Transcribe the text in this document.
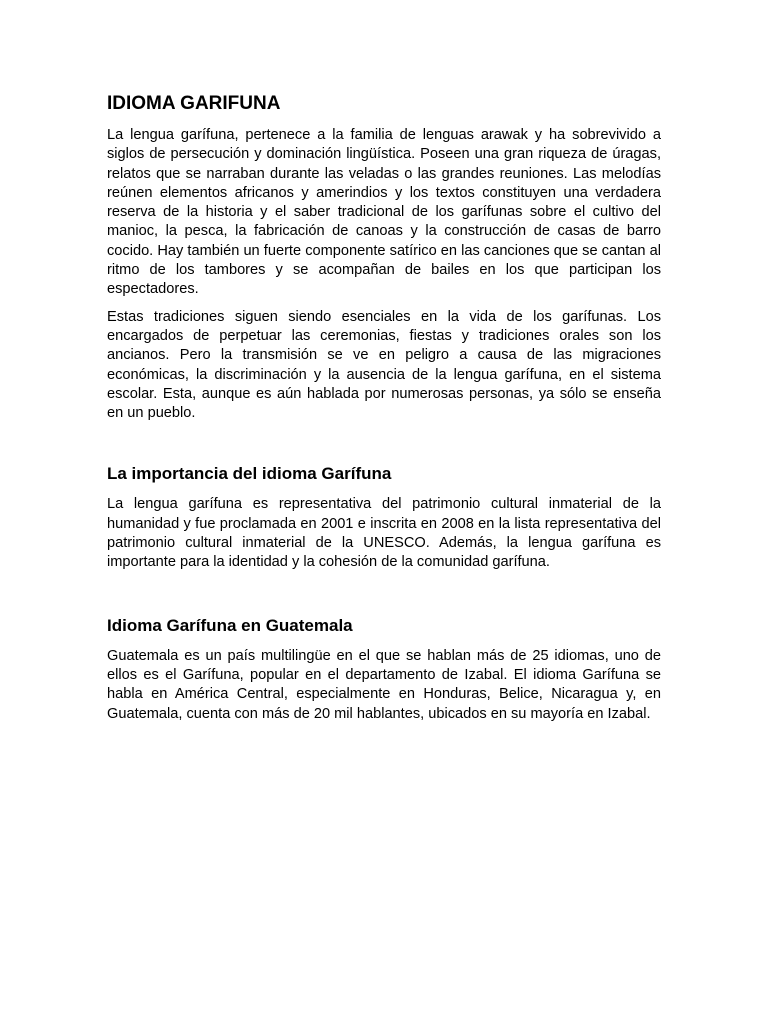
IDIOMA GARIFUNA

La lengua garífuna, pertenece a la familia de lenguas arawak y ha sobrevivido a siglos de persecución y dominación lingüística. Poseen una gran riqueza de úragas, relatos que se narraban durante las veladas o las grandes reuniones. Las melodías reúnen elementos africanos y amerindios y los textos constituyen una verdadera reserva de la historia y el saber tradicional de los garífunas sobre el cultivo del manioc, la pesca, la fabricación de canoas y la construcción de casas de barro cocido. Hay también un fuerte componente satírico en las canciones que se cantan al ritmo de los tambores y se acompañan de bailes en los que participan los espectadores.

Estas tradiciones siguen siendo esenciales en la vida de los garífunas. Los encargados de perpetuar las ceremonias, fiestas y tradiciones orales son los ancianos. Pero la transmisión se ve en peligro a causa de las migraciones económicas, la discriminación y la ausencia de la lengua garífuna, en el sistema escolar. Esta, aunque es aún hablada por numerosas personas, ya sólo se enseña en un pueblo.

La importancia del idioma Garífuna

La lengua garífuna es representativa del patrimonio cultural inmaterial de la humanidad y fue proclamada en 2001 e inscrita en 2008 en la lista representativa del patrimonio cultural inmaterial de la UNESCO. Además, la lengua garífuna es importante para la identidad y la cohesión de la comunidad garífuna.

Idioma Garífuna en Guatemala

Guatemala es un país multilingüe en el que se hablan más de 25 idiomas, uno de ellos es el Garífuna, popular en el departamento de Izabal. El idioma Garífuna se habla en América Central, especialmente en Honduras, Belice, Nicaragua y, en Guatemala, cuenta con más de 20 mil hablantes, ubicados en su mayoría en Izabal.
